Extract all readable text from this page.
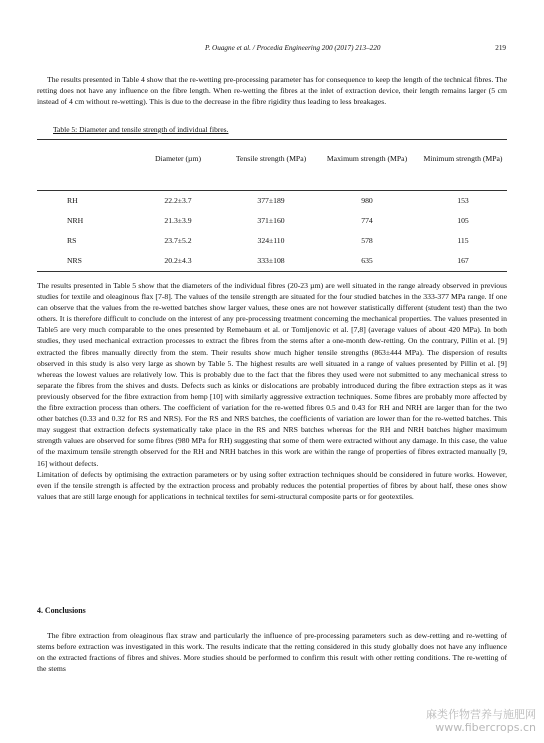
P. Ouagne et al. / Procedia Engineering 200 (2017) 213–220	219

The results presented in Table 4 show that the re-wetting pre-processing parameter has for consequence to keep the length of the technical fibres. The retting does not have any influence on the fibre length. When re-wetting the fibres at the inlet of extraction device, their length remains larger (5 cm instead of 4 cm without re-wetting). This is due to the decrease in the fibre rigidity thus leading to less breakages.

Table 5: Diameter and tensile strength of individual fibres.
	Diameter (µm)	Tensile strength (MPa)	Maximum strength (MPa)	Minimum strength (MPa)
RH	22.2±3.7	377±189	980	153
NRH	21.3±3.9	371±160	774	105
RS	23.7±5.2	324±110	578	115
NRS	20.2±4.3	333±108	635	167

The results presented in Table 5 show that the diameters of the individual fibres (20-23 µm) are well situated in the range already observed in previous studies for textile and oleaginous flax [7-8]. The values of the tensile strength are situated for the four studied batches in the 333-377 MPa range. If one can observe that the values from the re-wetted batches show larger values, these ones are not however statistically different (student test) than the two others. It is therefore difficult to conclude on the interest of any pre-processing treatment concerning the mechanical properties. The values presented in Table5 are very much comparable to the ones presented by Remebaum et al. or Tomljenovic et al. [7,8] (average values of about 420 MPa). In both studies, they used mechanical extraction processes to extract the fibres from the stems after a one-month dew-retting. On the contrary, Pillin et al. [9] extracted the fibres manually directly from the stem. Their results show much higher tensile strengths (863±444 MPa). The dispersion of results observed in this study is also very large as shown by Table 5. The highest results are well situated in a range of values presented by Pillin et al. [9] whereas the lowest values are relatively low. This is probably due to the fact that the fibres they used were not submitted to any mechanical stress to separate the fibres from the shives and dusts. Defects such as kinks or dislocations are probably introduced during the fibre extraction steps as it was previously observed for the fibre extraction from hemp [10] with similarly aggressive extraction techniques. Some fibres are probably more affected by the fibre extraction process than others. The coefficient of variation for the re-wetted fibres 0.5 and 0.43 for RH and NRH are larger than for the two other batches (0.33 and 0.32 for RS and NRS). For the RS and NRS batches, the coefficients of variation are lower than for the re-wetted batches. This may suggest that extraction defects systematically take place in the RS and NRS batches whereas for the RH and NRH batches higher maximum strength values are observed for some fibres (980 MPa for RH) suggesting that some of them were extracted without any damage. In this case, the value of the maximum tensile strength observed for the RH and NRH batches in this work are within the range of properties of fibres extracted manually [9, 16] without defects.

Limitation of defects by optimising the extraction parameters or by using softer extraction techniques should be considered in future works. However, even if the tensile strength is affected by the extraction process and probably reduces the potential properties of fibres by about half, these ones show values that are still large enough for applications in technical textiles for semi-structural composite parts or for geotextiles.

4. Conclusions

The fibre extraction from oleaginous flax straw and particularly the influence of pre-processing parameters such as dew-retting and re-wetting of stems before extraction was investigated in this work. The results indicate that the retting considered in this study globally does not have any influence on the extracted fractions of fibres and shives. More studies should be performed to confirm this result with other retting conditions. The re-wetting of the stems

麻类作物营养与施肥网
www.fibercrops.cn
